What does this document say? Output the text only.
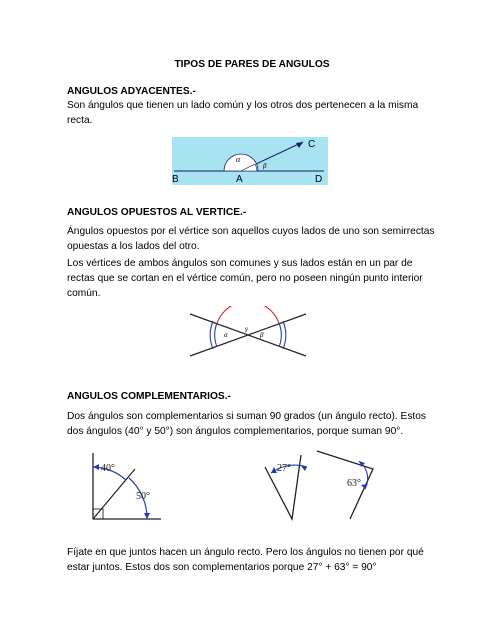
TIPOS DE PARES DE ANGULOS

ANGULOS ADYACENTES.-

Son ángulos que tienen un lado común y los otros dos pertenecen a la misma recta.

α
β
B	A	D
C

ANGULOS OPUESTOS AL VERTICE.-

Ángulos opuestos por el vértice son aquellos cuyos lados de uno son semirrectas opuestas a los lados del otro.

Los vértices de ambos ángulos son comunes y sus lados están en un par de rectas que se cortan en el vértice común, pero no poseen ningún punto interior común.

α
γ
β

ANGULOS COMPLEMENTARIOS.-

Dos ángulos son complementarios si suman 90 grados (un ángulo recto). Estos dos ángulos (40° y 50°) son ángulos complementarios, porque suman 90°.

40°
50°
27°
63°

Fíjate en que juntos hacen un ángulo recto. Pero los ángulos no tienen por qué estar juntos. Estos dos son complementarios porque 27° + 63° = 90°
